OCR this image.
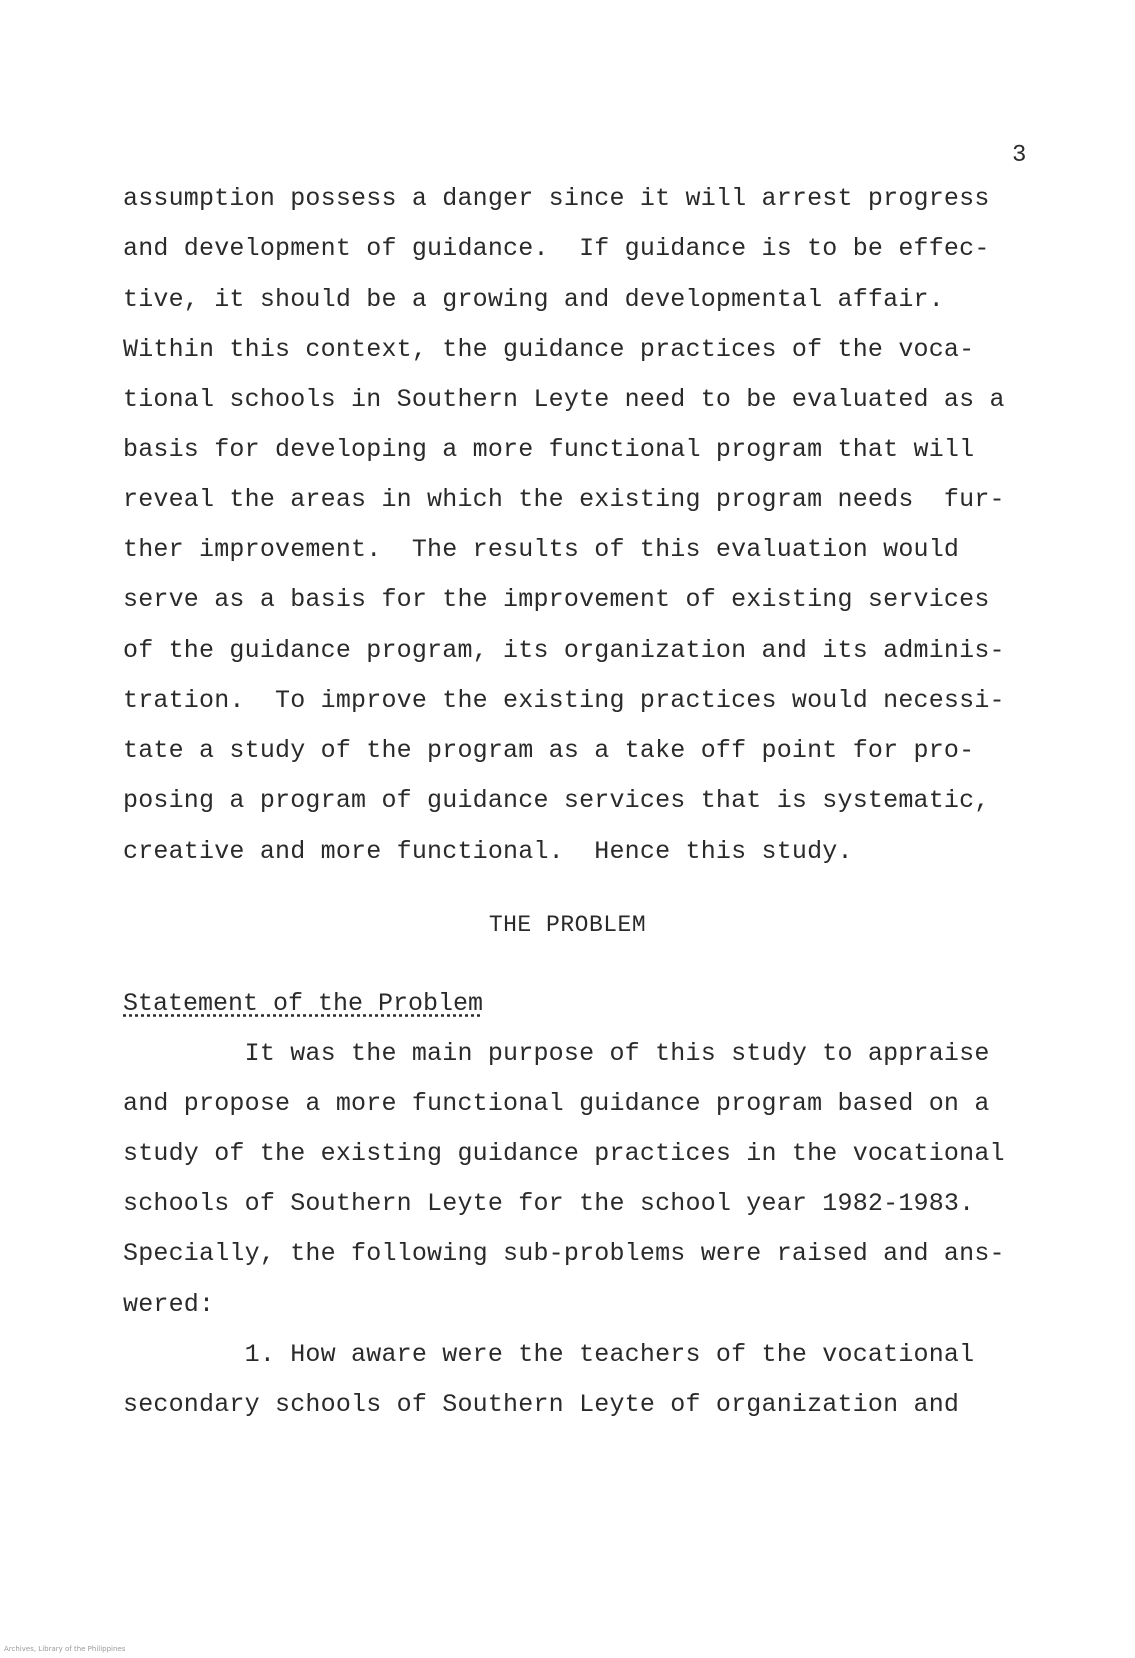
3
assumption possess a danger since it will arrest progress
and development of guidance.  If guidance is to be effec-
tive, it should be a growing and developmental affair.
Within this context, the guidance practices of the voca-
tional schools in Southern Leyte need to be evaluated as a
basis for developing a more functional program that will
reveal the areas in which the existing program needs  fur-
ther improvement.  The results of this evaluation would
serve as a basis for the improvement of existing services
of the guidance program, its organization and its adminis-
tration.  To improve the existing practices would necessi-
tate a study of the program as a take off point for pro-
posing a program of guidance services that is systematic,
creative and more functional.  Hence this study.
THE PROBLEM
Statement of the Problem
It was the main purpose of this study to appraise
and propose a more functional guidance program based on a
study of the existing guidance practices in the vocational
schools of Southern Leyte for the school year 1982-1983.
Specially, the following sub-problems were raised and ans-
wered:
1. How aware were the teachers of the vocational
secondary schools of Southern Leyte of organization and
Archives, Library of the Philippines
